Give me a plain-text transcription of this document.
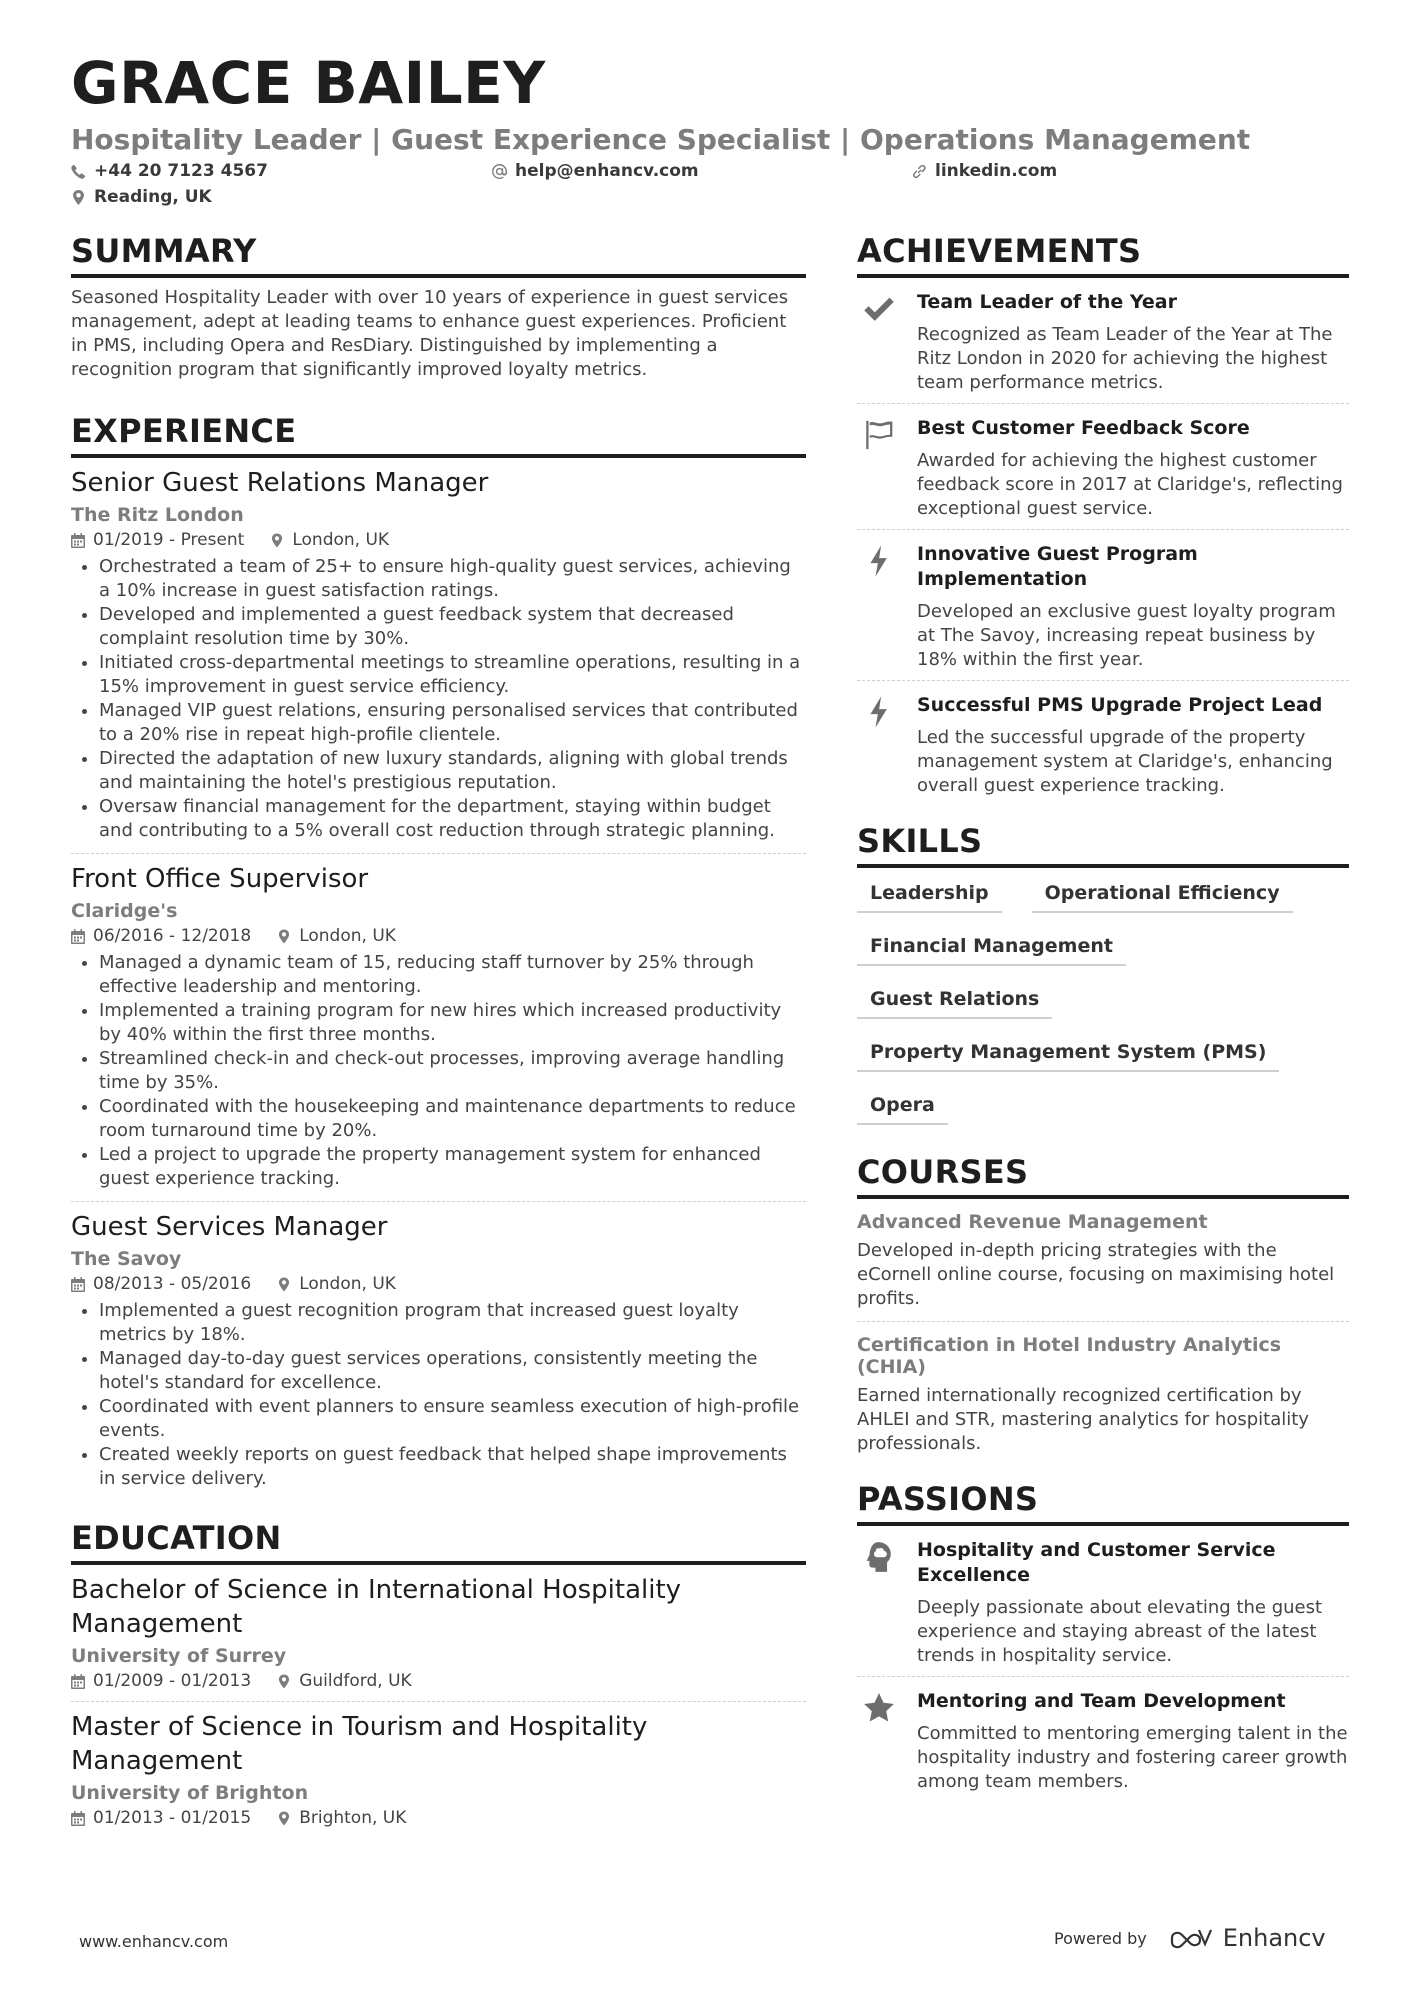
GRACE BAILEY
Hospitality Leader | Guest Experience Specialist | Operations Management
+44 20 7123 4567	help@enhancv.com	linkedin.com
Reading, UK
SUMMARY

Seasoned Hospitality Leader with over 10 years of experience in guest services management, adept at leading teams to enhance guest experiences. Proficient in PMS, including Opera and ResDiary. Distinguished by implementing a recognition program that significantly improved loyalty metrics.

EXPERIENCE
Senior Guest Relations Manager
The Ritz London
01/2019 - Present	London, UK
• Orchestrated a team of 25+ to ensure high-quality guest services, achieving a 10% increase in guest satisfaction ratings.
• Developed and implemented a guest feedback system that decreased complaint resolution time by 30%.
• Initiated cross-departmental meetings to streamline operations, resulting in a 15% improvement in guest service efficiency.
• Managed VIP guest relations, ensuring personalised services that contributed to a 20% rise in repeat high-profile clientele.
• Directed the adaptation of new luxury standards, aligning with global trends and maintaining the hotel's prestigious reputation.
• Oversaw financial management for the department, staying within budget and contributing to a 5% overall cost reduction through strategic planning.
Front Office Supervisor
Claridge's
06/2016 - 12/2018	London, UK
• Managed a dynamic team of 15, reducing staff turnover by 25% through effective leadership and mentoring.
• Implemented a training program for new hires which increased productivity by 40% within the first three months.
• Streamlined check-in and check-out processes, improving average handling time by 35%.
• Coordinated with the housekeeping and maintenance departments to reduce room turnaround time by 20%.
• Led a project to upgrade the property management system for enhanced guest experience tracking.
Guest Services Manager
The Savoy
08/2013 - 05/2016	London, UK
• Implemented a guest recognition program that increased guest loyalty metrics by 18%.
• Managed day-to-day guest services operations, consistently meeting the hotel's standard for excellence.
• Coordinated with event planners to ensure seamless execution of high-profile events.
• Created weekly reports on guest feedback that helped shape improvements in service delivery.
EDUCATION
Bachelor of Science in International Hospitality Management
University of Surrey
01/2009 - 01/2013	Guildford, UK
Master of Science in Tourism and Hospitality Management
University of Brighton
01/2013 - 01/2015	Brighton, UK
ACHIEVEMENTS
Team Leader of the Year

Recognized as Team Leader of the Year at The Ritz London in 2020 for achieving the highest team performance metrics.

Best Customer Feedback Score

Awarded for achieving the highest customer feedback score in 2017 at Claridge's, reflecting exceptional guest service.

Innovative Guest Program Implementation

Developed an exclusive guest loyalty program at The Savoy, increasing repeat business by 18% within the first year.

Successful PMS Upgrade Project Lead

Led the successful upgrade of the property management system at Claridge's, enhancing overall guest experience tracking.

SKILLS
Leadership	Operational Efficiency
Financial Management
Guest Relations
Property Management System (PMS)
Opera
COURSES
Advanced Revenue Management

Developed in-depth pricing strategies with the eCornell online course, focusing on maximising hotel profits.

Certification in Hotel Industry Analytics (CHIA)

Earned internationally recognized certification by AHLEI and STR, mastering analytics for hospitality professionals.

PASSIONS
Hospitality and Customer Service Excellence

Deeply passionate about elevating the guest experience and staying abreast of the latest trends in hospitality service.

Mentoring and Team Development

Committed to mentoring emerging talent in the hospitality industry and fostering career growth among team members.

www.enhancv.com	Powered by	Enhancv
